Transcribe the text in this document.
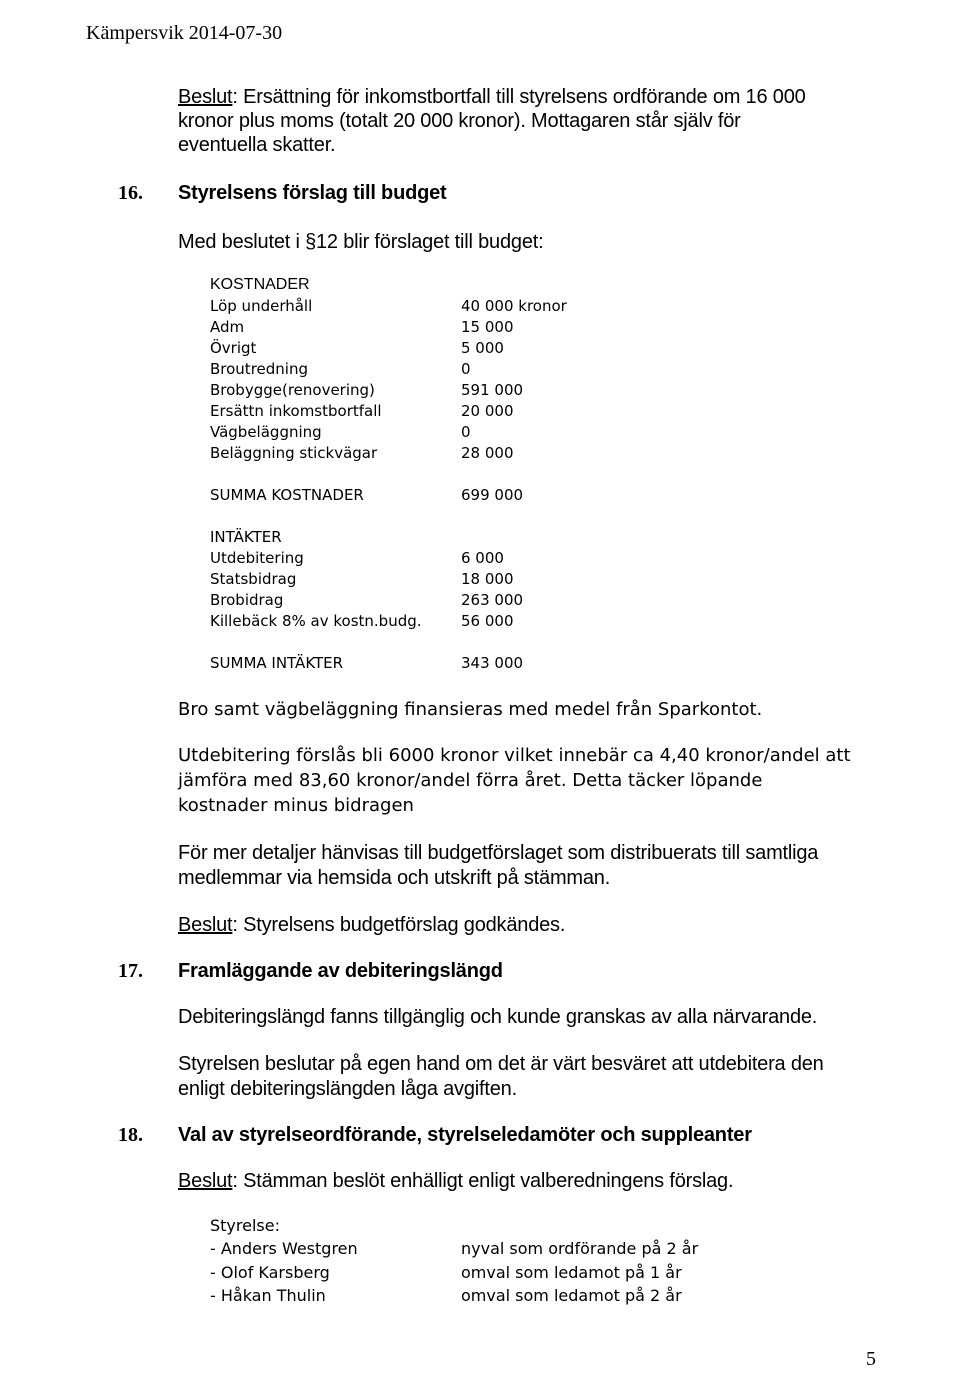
Kämpersvik 2014-07-30
Beslut: Ersättning för inkomstbortfall till styrelsens ordförande om 16 000
kronor plus moms (totalt 20 000 kronor). Mottagaren står själv för
eventuella skatter.
16. Styrelsens förslag till budget
Med beslutet i §12 blir förslaget till budget:
KOSTNADER
Löp underhåll	40 000 kronor
Adm	15 000
Övrigt	5 000
Broutredning	0
Brobygge(renovering)	591 000
Ersättn inkomstbortfall	20 000
Vägbeläggning	0
Beläggning stickvägar	28 000
SUMMA KOSTNADER	699 000
INTÄKTER
Utdebitering	6 000
Statsbidrag	18 000
Brobidrag	263 000
Killebäck 8% av kostn.budg.	56 000
SUMMA INTÄKTER	343 000
Bro samt vägbeläggning finansieras med medel från Sparkontot.
Utdebitering förslås bli 6000 kronor vilket innebär ca 4,40 kronor/andel att
jämföra med 83,60 kronor/andel förra året. Detta täcker löpande
kostnader minus bidragen
För mer detaljer hänvisas till budgetförslaget som distribuerats till samtliga
medlemmar via hemsida och utskrift på stämman.
Beslut: Styrelsens budgetförslag godkändes.
17. Framläggande av debiteringslängd
Debiteringslängd fanns tillgänglig och kunde granskas av alla närvarande.
Styrelsen beslutar på egen hand om det är värt besväret att utdebitera den
enligt debiteringslängden låga avgiften.
18. Val av styrelseordförande, styrelseledamöter och suppleanter
Beslut: Stämman beslöt enhälligt enligt valberedningens förslag.
Styrelse:
- Anders Westgren	nyval som ordförande på 2 år
- Olof Karsberg	omval som ledamot på 1 år
- Håkan Thulin	omval som ledamot på 2 år
5
